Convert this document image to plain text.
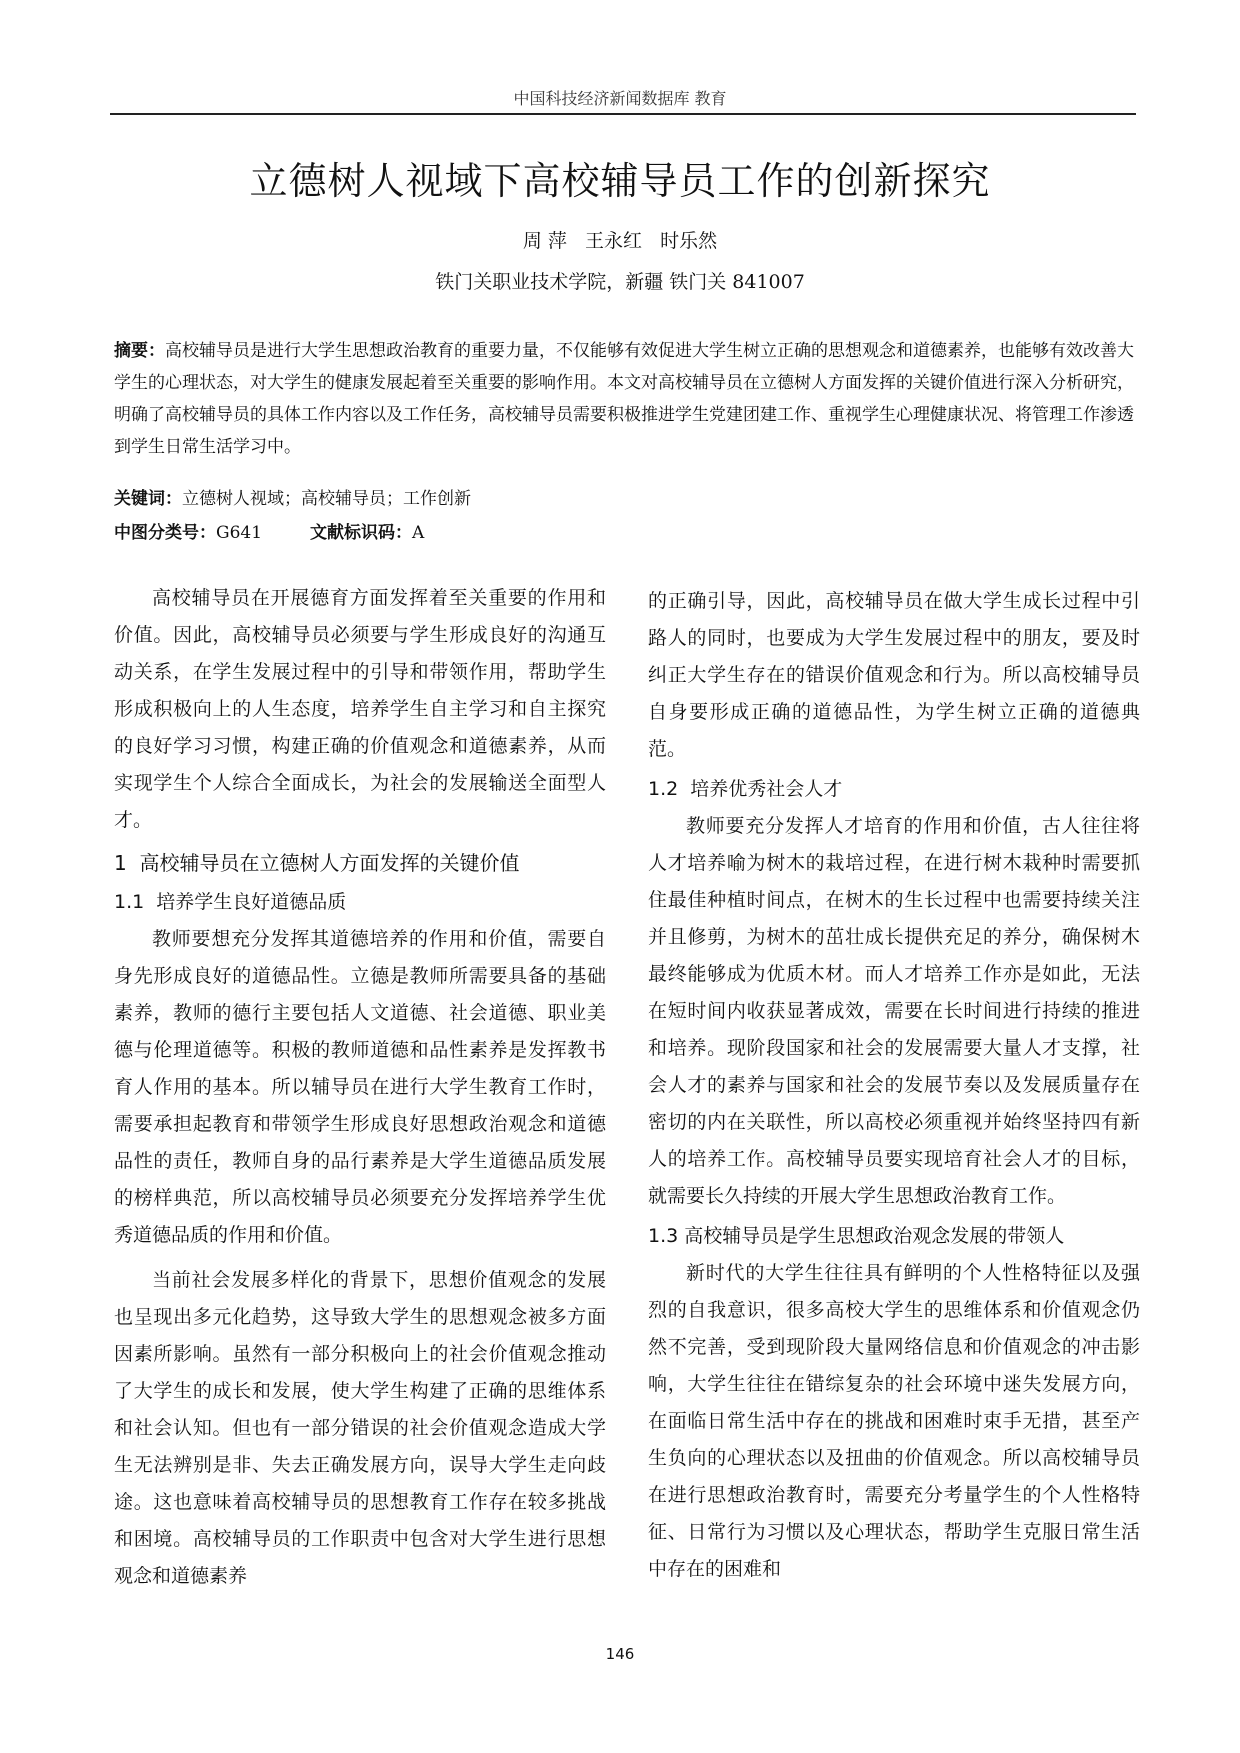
中国科技经济新闻数据库 教育
立德树人视域下高校辅导员工作的创新探究
周 萍   王永红   时乐然
铁门关职业技术学院，新疆 铁门关 841007
摘要：高校辅导员是进行大学生思想政治教育的重要力量，不仅能够有效促进大学生树立正确的思想观念和道德素养，也能够有效改善大学生的心理状态，对大学生的健康发展起着至关重要的影响作用。本文对高校辅导员在立德树人方面发挥的关键价值进行深入分析研究，明确了高校辅导员的具体工作内容以及工作任务，高校辅导员需要积极推进学生党建团建工作、重视学生心理健康状况、将管理工作渗透到学生日常生活学习中。
关键词：立德树人视域；高校辅导员；工作创新
中图分类号：G641	文献标识码：A

高校辅导员在开展德育方面发挥着至关重要的作用和价值。因此，高校辅导员必须要与学生形成良好的沟通互动关系，在学生发展过程中的引导和带领作用，帮助学生形成积极向上的人生态度，培养学生自主学习和自主探究的良好学习习惯，构建正确的价值观念和道德素养，从而实现学生个人综合全面成长，为社会的发展输送全面型人才。

1  高校辅导员在立德树人方面发挥的关键价值
1.1  培养学生良好道德品质

教师要想充分发挥其道德培养的作用和价值，需要自身先形成良好的道德品性。立德是教师所需要具备的基础素养，教师的德行主要包括人文道德、社会道德、职业美德与伦理道德等。积极的教师道德和品性素养是发挥教书育人作用的基本。所以辅导员在进行大学生教育工作时，需要承担起教育和带领学生形成良好思想政治观念和道德品性的责任，教师自身的品行素养是大学生道德品质发展的榜样典范，所以高校辅导员必须要充分发挥培养学生优秀道德品质的作用和价值。

当前社会发展多样化的背景下，思想价值观念的发展也呈现出多元化趋势，这导致大学生的思想观念被多方面因素所影响。虽然有一部分积极向上的社会价值观念推动了大学生的成长和发展，使大学生构建了正确的思维体系和社会认知。但也有一部分错误的社会价值观念造成大学生无法辨别是非、失去正确发展方向，误导大学生走向歧途。这也意味着高校辅导员的思想教育工作存在较多挑战和困境。高校辅导员的工作职责中包含对大学生进行思想观念和道德素养

的正确引导，因此，高校辅导员在做大学生成长过程中引路人的同时，也要成为大学生发展过程中的朋友，要及时纠正大学生存在的错误价值观念和行为。所以高校辅导员自身要形成正确的道德品性，为学生树立正确的道德典范。

1.2  培养优秀社会人才

教师要充分发挥人才培育的作用和价值，古人往往将人才培养喻为树木的栽培过程，在进行树木栽种时需要抓住最佳种植时间点，在树木的生长过程中也需要持续关注并且修剪，为树木的茁壮成长提供充足的养分，确保树木最终能够成为优质木材。而人才培养工作亦是如此，无法在短时间内收获显著成效，需要在长时间进行持续的推进和培养。现阶段国家和社会的发展需要大量人才支撑，社会人才的素养与国家和社会的发展节奏以及发展质量存在密切的内在关联性，所以高校必须重视并始终坚持四有新人的培养工作。高校辅导员要实现培育社会人才的目标，就需要长久持续的开展大学生思想政治教育工作。

1.3 高校辅导员是学生思想政治观念发展的带领人

新时代的大学生往往具有鲜明的个人性格特征以及强烈的自我意识，很多高校大学生的思维体系和价值观念仍然不完善，受到现阶段大量网络信息和价值观念的冲击影响，大学生往往在错综复杂的社会环境中迷失发展方向，在面临日常生活中存在的挑战和困难时束手无措，甚至产生负向的心理状态以及扭曲的价值观念。所以高校辅导员在进行思想政治教育时，需要充分考量学生的个人性格特征、日常行为习惯以及心理状态，帮助学生克服日常生活中存在的困难和

146
